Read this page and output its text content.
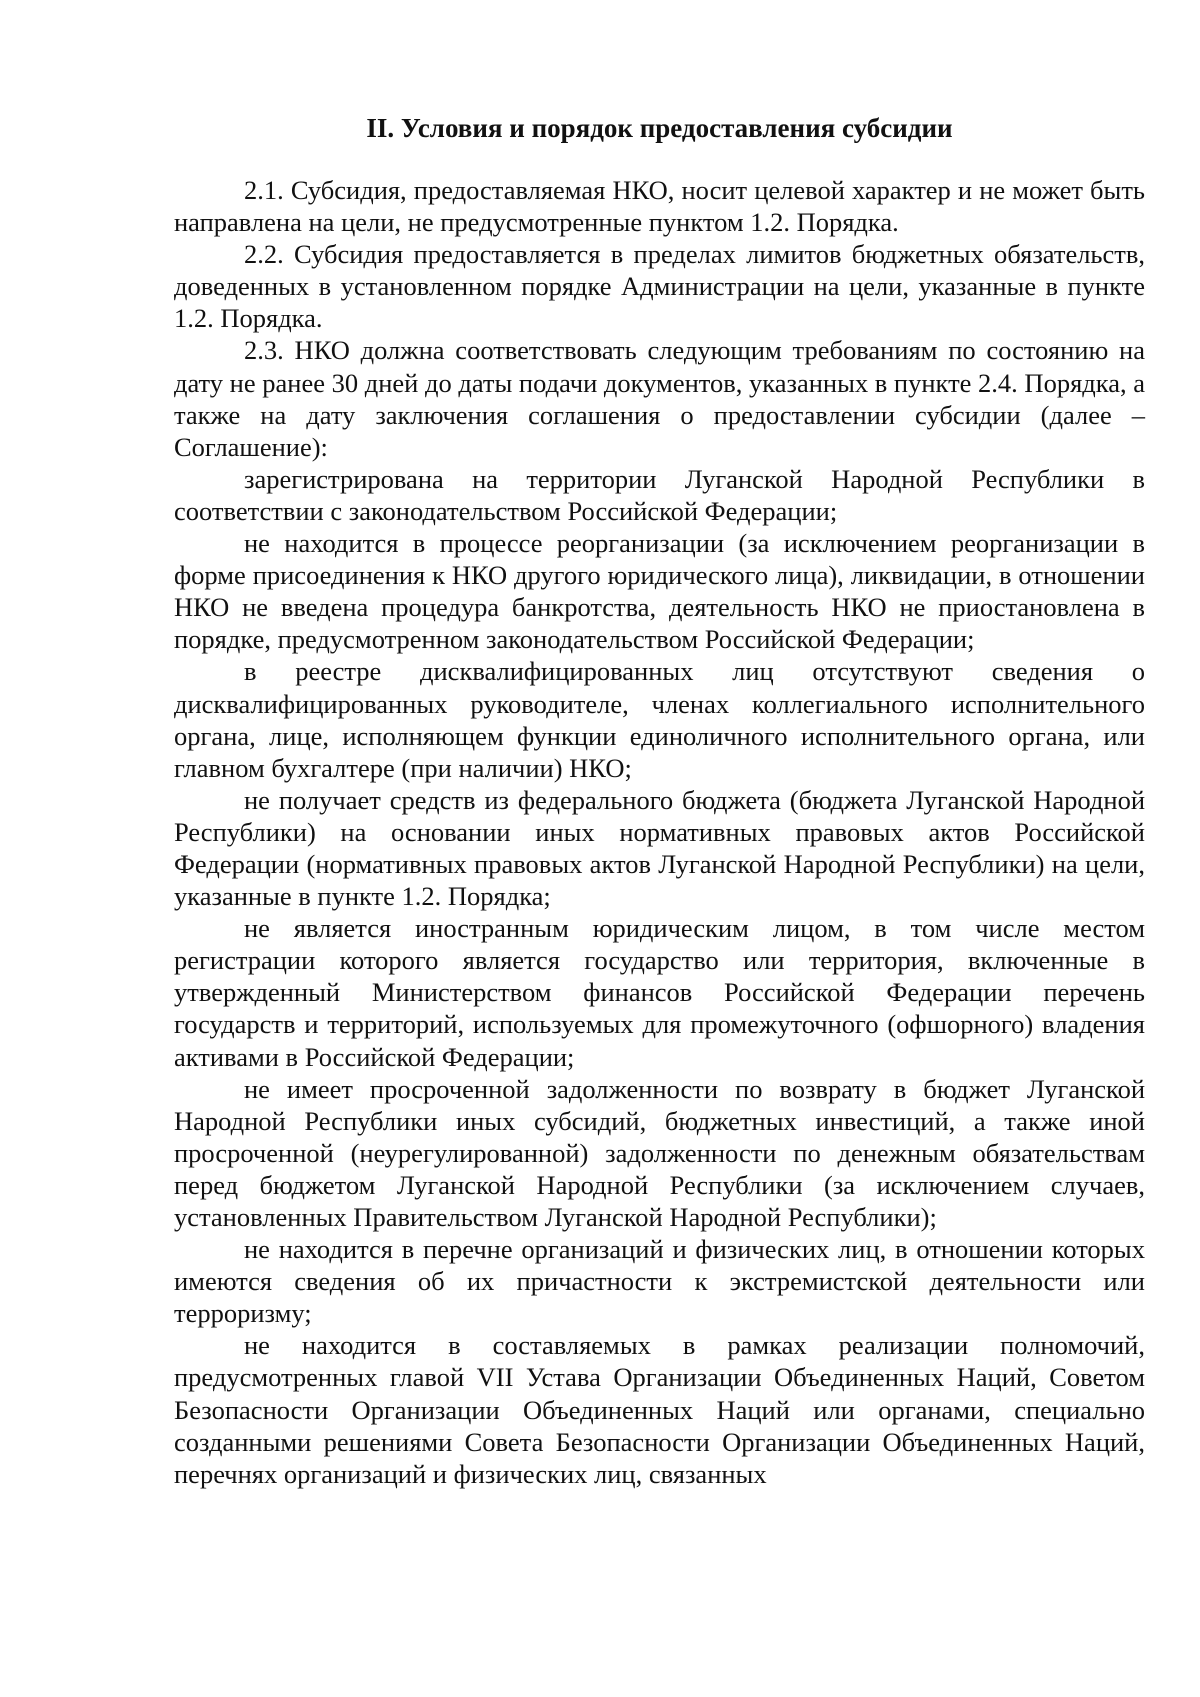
II. Условия и порядок предоставления субсидии

2.1. Субсидия, предоставляемая НКО, носит целевой характер и не может быть направлена на цели, не предусмотренные пунктом 1.2. Порядка.

2.2. Субсидия предоставляется в пределах лимитов бюджетных обязательств, доведенных в установленном порядке Администрации на цели, указанные в пункте 1.2. Порядка.

2.3. НКО должна соответствовать следующим требованиям по состоянию на дату не ранее 30 дней до даты подачи документов, указанных в пункте 2.4. Порядка, а также на дату заключения соглашения о предоставлении субсидии (далее – Соглашение):

зарегистрирована на территории Луганской Народной Республики в соответствии с законодательством Российской Федерации;

не находится в процессе реорганизации (за исключением реорганизации в форме присоединения к НКО другого юридического лица), ликвидации, в отношении НКО не введена процедура банкротства, деятельность НКО не приостановлена в порядке, предусмотренном законодательством Российской Федерации;

в реестре дисквалифицированных лиц отсутствуют сведения о дисквалифицированных руководителе, членах коллегиального исполнительного органа, лице, исполняющем функции единоличного исполнительного органа, или главном бухгалтере (при наличии) НКО;

не получает средств из федерального бюджета (бюджета Луганской Народной Республики) на основании иных нормативных правовых актов Российской Федерации (нормативных правовых актов Луганской Народной Республики) на цели, указанные в пункте 1.2. Порядка;

не является иностранным юридическим лицом, в том числе местом регистрации которого является государство или территория, включенные в утвержденный Министерством финансов Российской Федерации перечень государств и территорий, используемых для промежуточного (офшорного) владения активами в Российской Федерации;

не имеет просроченной задолженности по возврату в бюджет Луганской Народной Республики иных субсидий, бюджетных инвестиций, а также иной просроченной (неурегулированной) задолженности по денежным обязательствам перед бюджетом Луганской Народной Республики (за исключением случаев, установленных Правительством Луганской Народной Республики);

не находится в перечне организаций и физических лиц, в отношении которых имеются сведения об их причастности к экстремистской деятельности или терроризму;

не находится в составляемых в рамках реализации полномочий, предусмотренных главой VII Устава Организации Объединенных Наций, Советом Безопасности Организации Объединенных Наций или органами, специально созданными решениями Совета Безопасности Организации Объединенных Наций, перечнях организаций и физических лиц, связанных
